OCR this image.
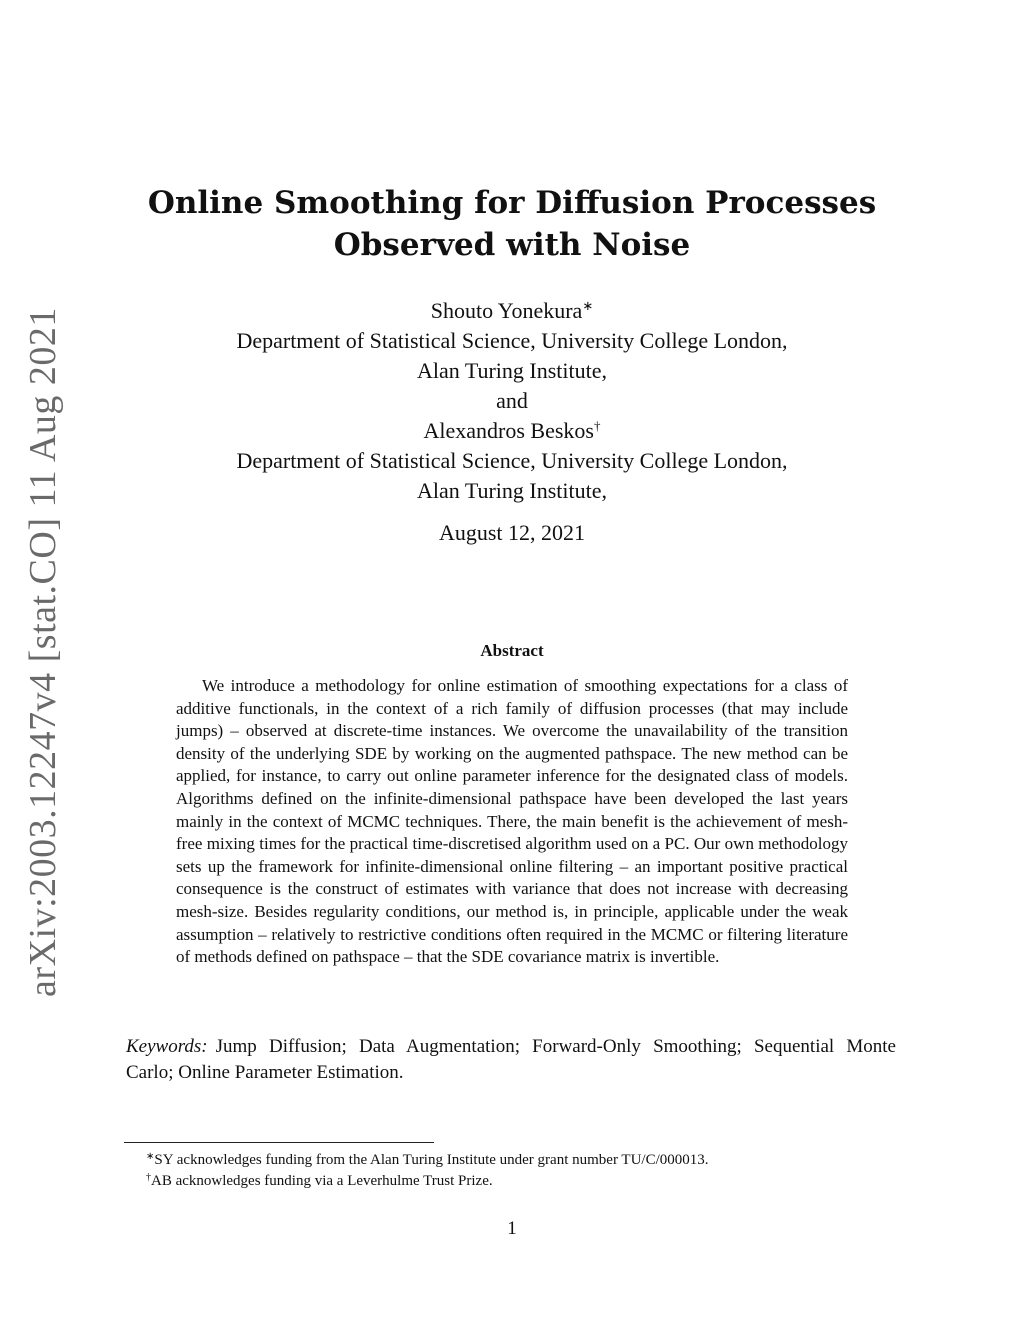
arXiv:2003.12247v4 [stat.CO] 11 Aug 2021
Online Smoothing for Diffusion Processes
Observed with Noise
Shouto Yonekura∗
Department of Statistical Science, University College London,
Alan Turing Institute,
and
Alexandros Beskos†
Department of Statistical Science, University College London,
Alan Turing Institute,
August 12, 2021
Abstract

We introduce a methodology for online estimation of smoothing expectations for a class of additive functionals, in the context of a rich family of diffusion processes (that may include jumps) – observed at discrete-time instances. We overcome the unavailability of the transition density of the underlying SDE by working on the augmented pathspace. The new method can be applied, for instance, to carry out online parameter inference for the designated class of models. Algorithms defined on the infinite-dimensional pathspace have been developed the last years mainly in the context of MCMC techniques. There, the main benefit is the achievement of mesh-free mixing times for the practical time-discretised algorithm used on a PC. Our own methodology sets up the framework for infinite-dimensional online filtering – an important positive practical consequence is the construct of estimates with variance that does not increase with decreasing mesh-size. Besides regularity conditions, our method is, in principle, applicable under the weak assumption – relatively to restrictive conditions often required in the MCMC or filtering literature of methods defined on pathspace – that the SDE covariance matrix is invertible.

Keywords: Jump Diffusion; Data Augmentation; Forward-Only Smoothing; Sequential Monte Carlo; Online Parameter Estimation.

∗SY acknowledges funding from the Alan Turing Institute under grant number TU/C/000013.
†AB acknowledges funding via a Leverhulme Trust Prize.
1
